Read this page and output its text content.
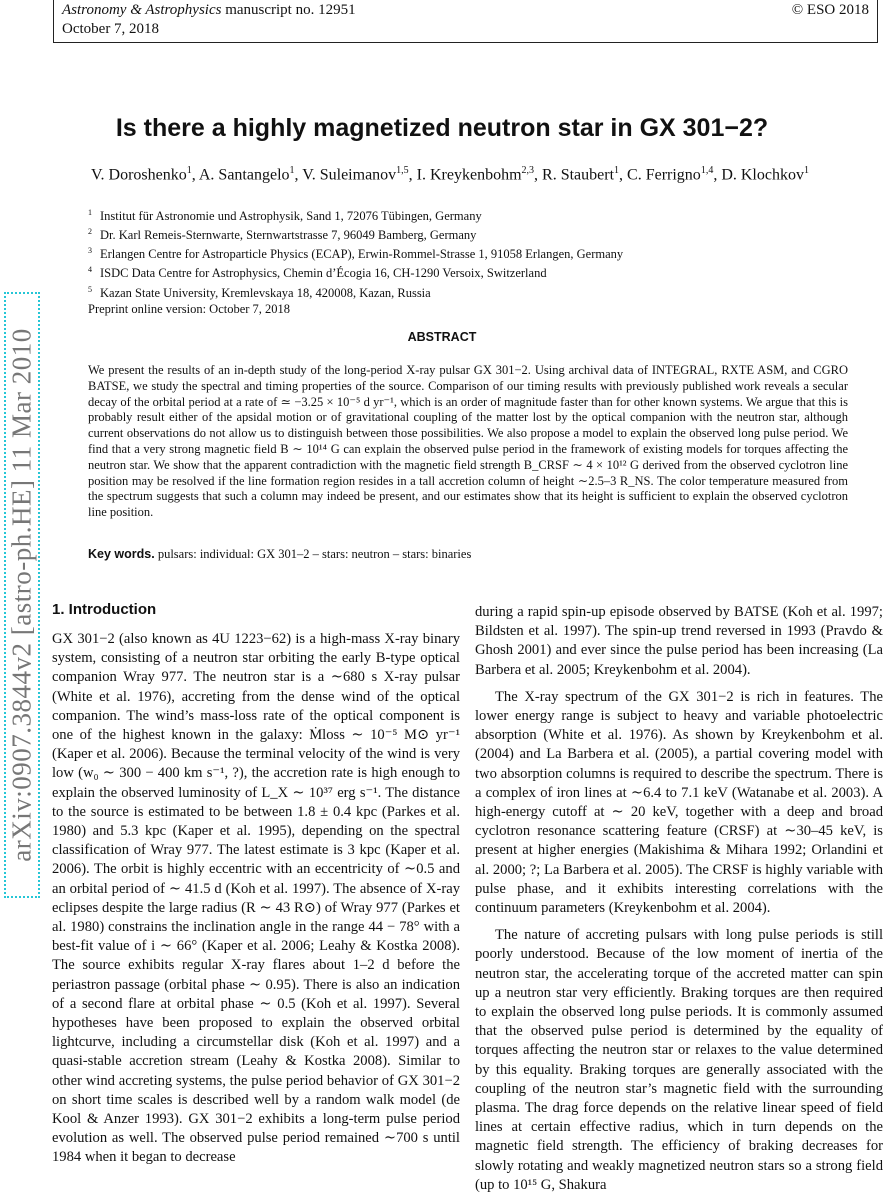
Astronomy & Astrophysics manuscript no. 12951
October 7, 2018
© ESO 2018
arXiv:0907.3844v2 [astro-ph.HE] 11 Mar 2010
Is there a highly magnetized neutron star in GX 301−2?
V. Doroshenko$^1$, A. Santangelo$^1$, V. Suleimanov$^{1,5}$, I. Kreykenbohm$^{2,3}$, R. Staubert$^1$, C. Ferrigno$^{1,4}$, D. Klochkov$^1$
$^1$ Institut für Astronomie und Astrophysik, Sand 1, 72076 Tübingen, Germany
$^2$ Dr. Karl Remeis-Sternwarte, Sternwartstrasse 7, 96049 Bamberg, Germany
$^3$ Erlangen Centre for Astroparticle Physics (ECAP), Erwin-Rommel-Strasse 1, 91058 Erlangen, Germany
$^4$ ISDC Data Centre for Astrophysics, Chemin d’Écogia 16, CH-1290 Versoix, Switzerland
$^5$ Kazan State University, Kremlevskaya 18, 420008, Kazan, Russia
Preprint online version: October 7, 2018
ABSTRACT
We present the results of an in-depth study of the long-period X-ray pulsar GX 301−2. Using archival data of INTEGRAL, RXTE ASM, and CGRO BATSE, we study the spectral and timing properties of the source. Comparison of our timing results with previously published work reveals a secular decay of the orbital period at a rate of ≃ −3.25 × 10⁻⁵ d yr⁻¹, which is an order of magnitude faster than for other known systems. We argue that this is probably result either of the apsidal motion or of gravitational coupling of the matter lost by the optical companion with the neutron star, although current observations do not allow us to distinguish between those possibilities. We also propose a model to explain the observed long pulse period. We find that a very strong magnetic field B ∼ 10¹⁴ G can explain the observed pulse period in the framework of existing models for torques affecting the neutron star. We show that the apparent contradiction with the magnetic field strength B_CRSF ∼ 4 × 10¹² G derived from the observed cyclotron line position may be resolved if the line formation region resides in a tall accretion column of height ∼2.5–3 R_NS. The color temperature measured from the spectrum suggests that such a column may indeed be present, and our estimates show that its height is sufficient to explain the observed cyclotron line position.
Key words. pulsars: individual: GX 301–2 – stars: neutron – stars: binaries
1. Introduction

GX 301−2 (also known as 4U 1223−62) is a high-mass X-ray binary system, consisting of a neutron star orbiting the early B-type optical companion Wray 977. The neutron star is a ∼680 s X-ray pulsar (White et al. 1976), accreting from the dense wind of the optical companion. The wind’s mass-loss rate of the optical component is one of the highest known in the galaxy: Ṁloss ∼ 10⁻⁵ M⊙ yr⁻¹ (Kaper et al. 2006). Because the terminal velocity of the wind is very low (w₀ ∼ 300 − 400 km s⁻¹, ?), the accretion rate is high enough to explain the observed luminosity of L_X ∼ 10³⁷ erg s⁻¹. The distance to the source is estimated to be between 1.8 ± 0.4 kpc (Parkes et al. 1980) and 5.3 kpc (Kaper et al. 1995), depending on the spectral classification of Wray 977. The latest estimate is 3 kpc (Kaper et al. 2006). The orbit is highly eccentric with an eccentricity of ∼0.5 and an orbital period of ∼ 41.5 d (Koh et al. 1997). The absence of X-ray eclipses despite the large radius (R ∼ 43 R⊙) of Wray 977 (Parkes et al. 1980) constrains the inclination angle in the range 44 − 78° with a best-fit value of i ∼ 66° (Kaper et al. 2006; Leahy & Kostka 2008). The source exhibits regular X-ray flares about 1–2 d before the periastron passage (orbital phase ∼ 0.95). There is also an indication of a second flare at orbital phase ∼ 0.5 (Koh et al. 1997). Several hypotheses have been proposed to explain the observed orbital lightcurve, including a circumstellar disk (Koh et al. 1997) and a quasi-stable accretion stream (Leahy & Kostka 2008). Similar to other wind accreting systems, the pulse period behavior of GX 301−2 on short time scales is described well by a random walk model (de Kool & Anzer 1993). GX 301−2 exhibits a long-term pulse period evolution as well. The observed pulse period remained ∼700 s until 1984 when it began to decrease

during a rapid spin-up episode observed by BATSE (Koh et al. 1997; Bildsten et al. 1997). The spin-up trend reversed in 1993 (Pravdo & Ghosh 2001) and ever since the pulse period has been increasing (La Barbera et al. 2005; Kreykenbohm et al. 2004).

The X-ray spectrum of the GX 301−2 is rich in features. The lower energy range is subject to heavy and variable photoelectric absorption (White et al. 1976). As shown by Kreykenbohm et al. (2004) and La Barbera et al. (2005), a partial covering model with two absorption columns is required to describe the spectrum. There is a complex of iron lines at ∼6.4 to 7.1 keV (Watanabe et al. 2003). A high-energy cutoff at ∼ 20 keV, together with a deep and broad cyclotron resonance scattering feature (CRSF) at ∼30–45 keV, is present at higher energies (Makishima & Mihara 1992; Orlandini et al. 2000; ?; La Barbera et al. 2005). The CRSF is highly variable with pulse phase, and it exhibits interesting correlations with the continuum parameters (Kreykenbohm et al. 2004).

The nature of accreting pulsars with long pulse periods is still poorly understood. Because of the low moment of inertia of the neutron star, the accelerating torque of the accreted matter can spin up a neutron star very efficiently. Braking torques are then required to explain the observed long pulse periods. It is commonly assumed that the observed pulse period is determined by the equality of torques affecting the neutron star or relaxes to the value determined by this equality. Braking torques are generally associated with the coupling of the neutron star’s magnetic field with the surrounding plasma. The drag force depends on the relative linear speed of field lines at certain effective radius, which in turn depends on the magnetic field strength. The efficiency of braking decreases for slowly rotating and weakly magnetized neutron stars so a strong field (up to 10¹⁵ G, Shakura
